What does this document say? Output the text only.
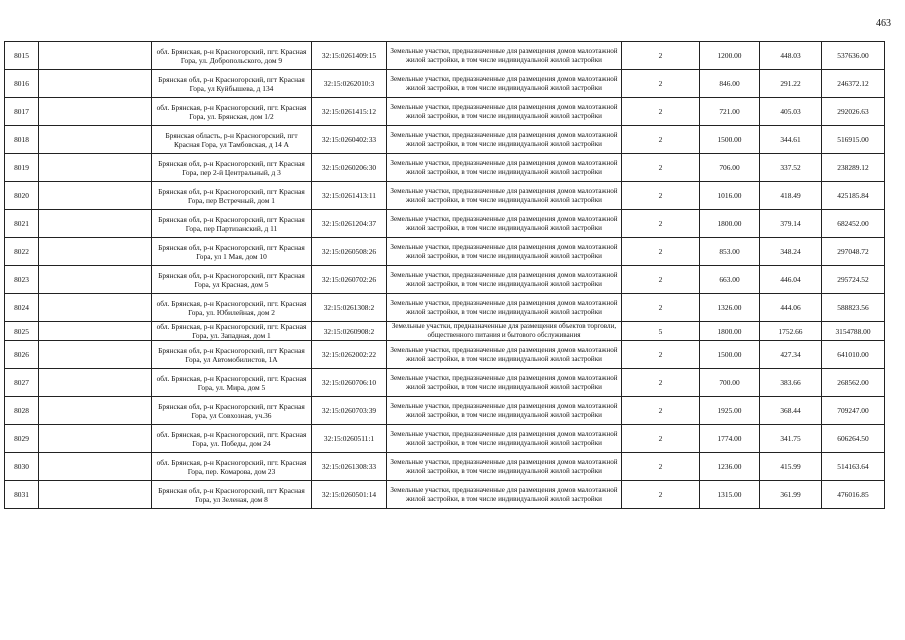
463
8015		обл. Брянская, р-н Красногорский, пгт. Красная Гора, ул. Добропольского, дом 9	32:15:0261409:15	Земельные участки, предназначенные для размещения домов малоэтажной жилой застройки, в том числе индивидуальной жилой застройки	2	1200.00	448.03	537636.00
8016		Брянская обл, р-н Красногорский, пгт Красная Гора, ул Куйбышева, д 134	32:15:0262010:3	Земельные участки, предназначенные для размещения домов малоэтажной жилой застройки, в том числе индивидуальной жилой застройки	2	846.00	291.22	246372.12
8017		обл. Брянская, р-н Красногорский, пгт. Красная Гора, ул. Брянская, дом 1/2	32:15:0261415:12	Земельные участки, предназначенные для размещения домов малоэтажной жилой застройки, в том числе индивидуальной жилой застройки	2	721.00	405.03	292026.63
8018		Брянская область, р-н Красногорский, пгт Красная Гора, ул Тамбовская, д 14 А	32:15:0260402:33	Земельные участки, предназначенные для размещения домов малоэтажной жилой застройки, в том числе индивидуальной жилой застройки	2	1500.00	344.61	516915.00
8019		Брянская обл, р-н Красногорский, пгт Красная Гора, пер 2-й Центральный, д 3	32:15:0260206:30	Земельные участки, предназначенные для размещения домов малоэтажной жилой застройки, в том числе индивидуальной жилой застройки	2	706.00	337.52	238289.12
8020		Брянская обл, р-н Красногорский, пгт Красная Гора, пер Встречный, дом 1	32:15:0261413:11	Земельные участки, предназначенные для размещения домов малоэтажной жилой застройки, в том числе индивидуальной жилой застройки	2	1016.00	418.49	425185.84
8021		Брянская обл, р-н Красногорский, пгт Красная Гора, пер Партизанский, д 11	32:15:0261204:37	Земельные участки, предназначенные для размещения домов малоэтажной жилой застройки, в том числе индивидуальной жилой застройки	2	1800.00	379.14	682452.00
8022		Брянская обл, р-н Красногорский, пгт Красная Гора, ул 1 Мая, дом 10	32:15:0260508:26	Земельные участки, предназначенные для размещения домов малоэтажной жилой застройки, в том числе индивидуальной жилой застройки	2	853.00	348.24	297048.72
8023		Брянская обл, р-н Красногорский, пгт Красная Гора, ул Красная, дом 5	32:15:0260702:26	Земельные участки, предназначенные для размещения домов малоэтажной жилой застройки, в том числе индивидуальной жилой застройки	2	663.00	446.04	295724.52
8024		обл. Брянская, р-н Красногорский, пгт. Красная Гора, ул. Юбилейная, дом 2	32:15:0261308:2	Земельные участки, предназначенные для размещения домов малоэтажной жилой застройки, в том числе индивидуальной жилой застройки	2	1326.00	444.06	588823.56
8025		обл. Брянская, р-н Красногорский, пгт. Красная Гора, ул. Западная, дом 1	32:15:0260908:2	Земельные участки, предназначенные для размещения объектов торговли, общественного питания и бытового обслуживания	5	1800.00	1752.66	3154788.00
8026		Брянская обл, р-н Красногорский, пгт Красная Гора, ул Автомобилистов, 1А	32:15:0262002:22	Земельные участки, предназначенные для размещения домов малоэтажной жилой застройки, в том числе индивидуальной жилой застройки	2	1500.00	427.34	641010.00
8027		обл. Брянская, р-н Красногорский, пгт. Красная Гора, ул. Мира, дом 5	32:15:0260706:10	Земельные участки, предназначенные для размещения домов малоэтажной жилой застройки, в том числе индивидуальной жилой застройки	2	700.00	383.66	268562.00
8028		Брянская обл, р-н Красногорский, пгт Красная Гора, ул Совхозная, уч.36	32:15:0260703:39	Земельные участки, предназначенные для размещения домов малоэтажной жилой застройки, в том числе индивидуальной жилой застройки	2	1925.00	368.44	709247.00
8029		обл. Брянская, р-н Красногорский, пгт. Красная Гора, ул. Победы, дом 24	32:15:0260511:1	Земельные участки, предназначенные для размещения домов малоэтажной жилой застройки, в том числе индивидуальной жилой застройки	2	1774.00	341.75	606264.50
8030		обл. Брянская, р-н Красногорский, пгт. Красная Гора, пер. Комарова, дом 23	32:15:0261308:33	Земельные участки, предназначенные для размещения домов малоэтажной жилой застройки, в том числе индивидуальной жилой застройки	2	1236.00	415.99	514163.64
8031		Брянская обл, р-н Красногорский, пгт Красная Гора, ул Зеленая, дом 8	32:15:0260501:14	Земельные участки, предназначенные для размещения домов малоэтажной жилой застройки, в том числе индивидуальной жилой застройки	2	1315.00	361.99	476016.85
